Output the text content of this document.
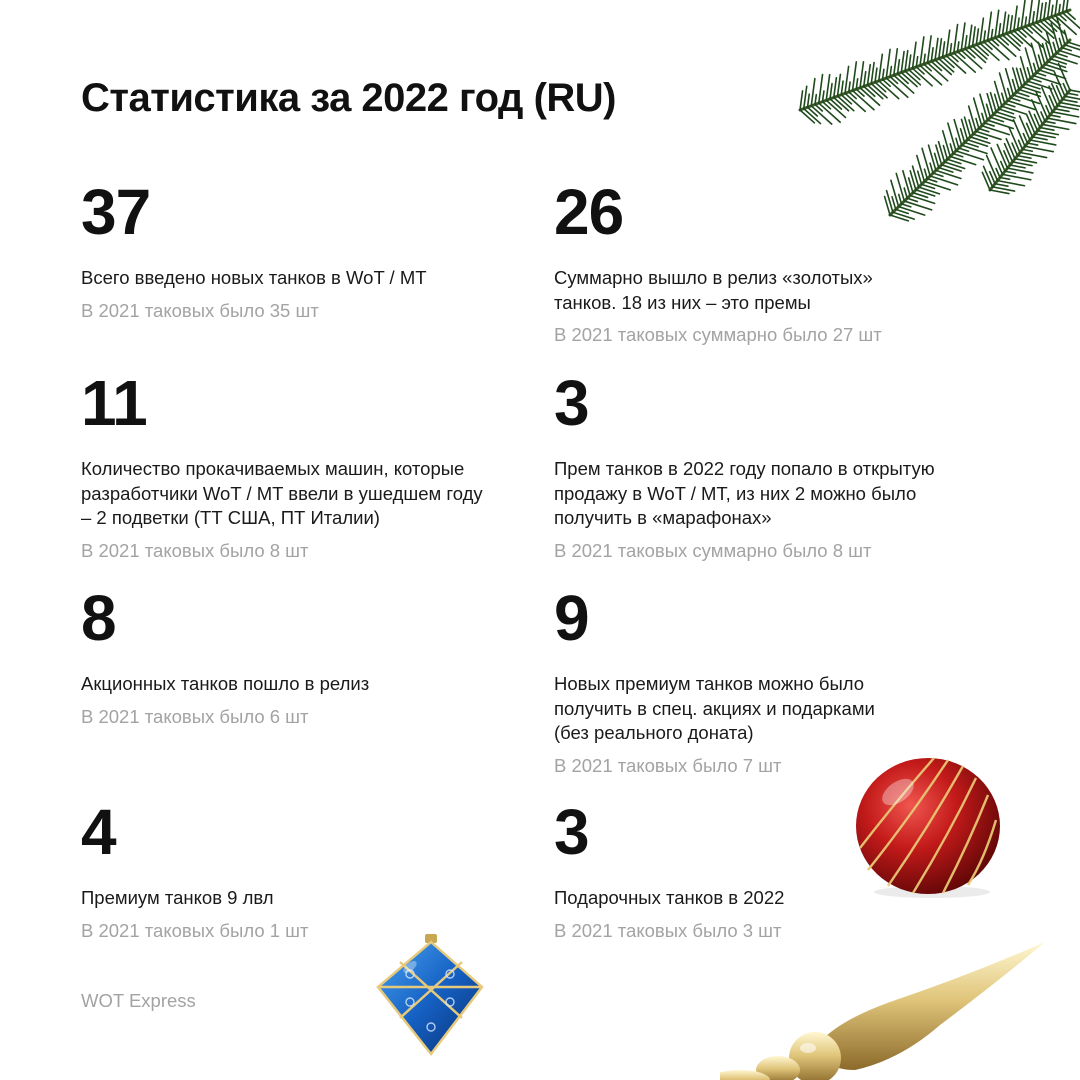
Статистика за 2022 год (RU)
37
Всего введено новых танков в WoT / MT
В 2021 таковых было 35 шт
26
Суммарно вышло в релиз «золотых» танков. 18 из них – это премы
В 2021 таковых суммарно было 27 шт
11
Количество прокачиваемых машин, которые разработчики WoT / MT ввели в ушедшем году – 2 подветки (ТТ США, ПТ Италии)
В 2021 таковых было 8 шт
3
Прем танков в 2022 году попало в открытую продажу в WoT / MT, из них 2 можно было получить в «марафонах»
В 2021 таковых суммарно было 8 шт
8
Акционных танков пошло в релиз
В 2021 таковых было 6 шт
9
Новых премиум танков можно было получить в спец. акциях и подарками (без реального доната)
В 2021 таковых было 7 шт
4
Премиум танков 9 лвл
В 2021 таковых было 1 шт
3
Подарочных танков в 2022
В 2021 таковых было 3 шт
WOT Express
